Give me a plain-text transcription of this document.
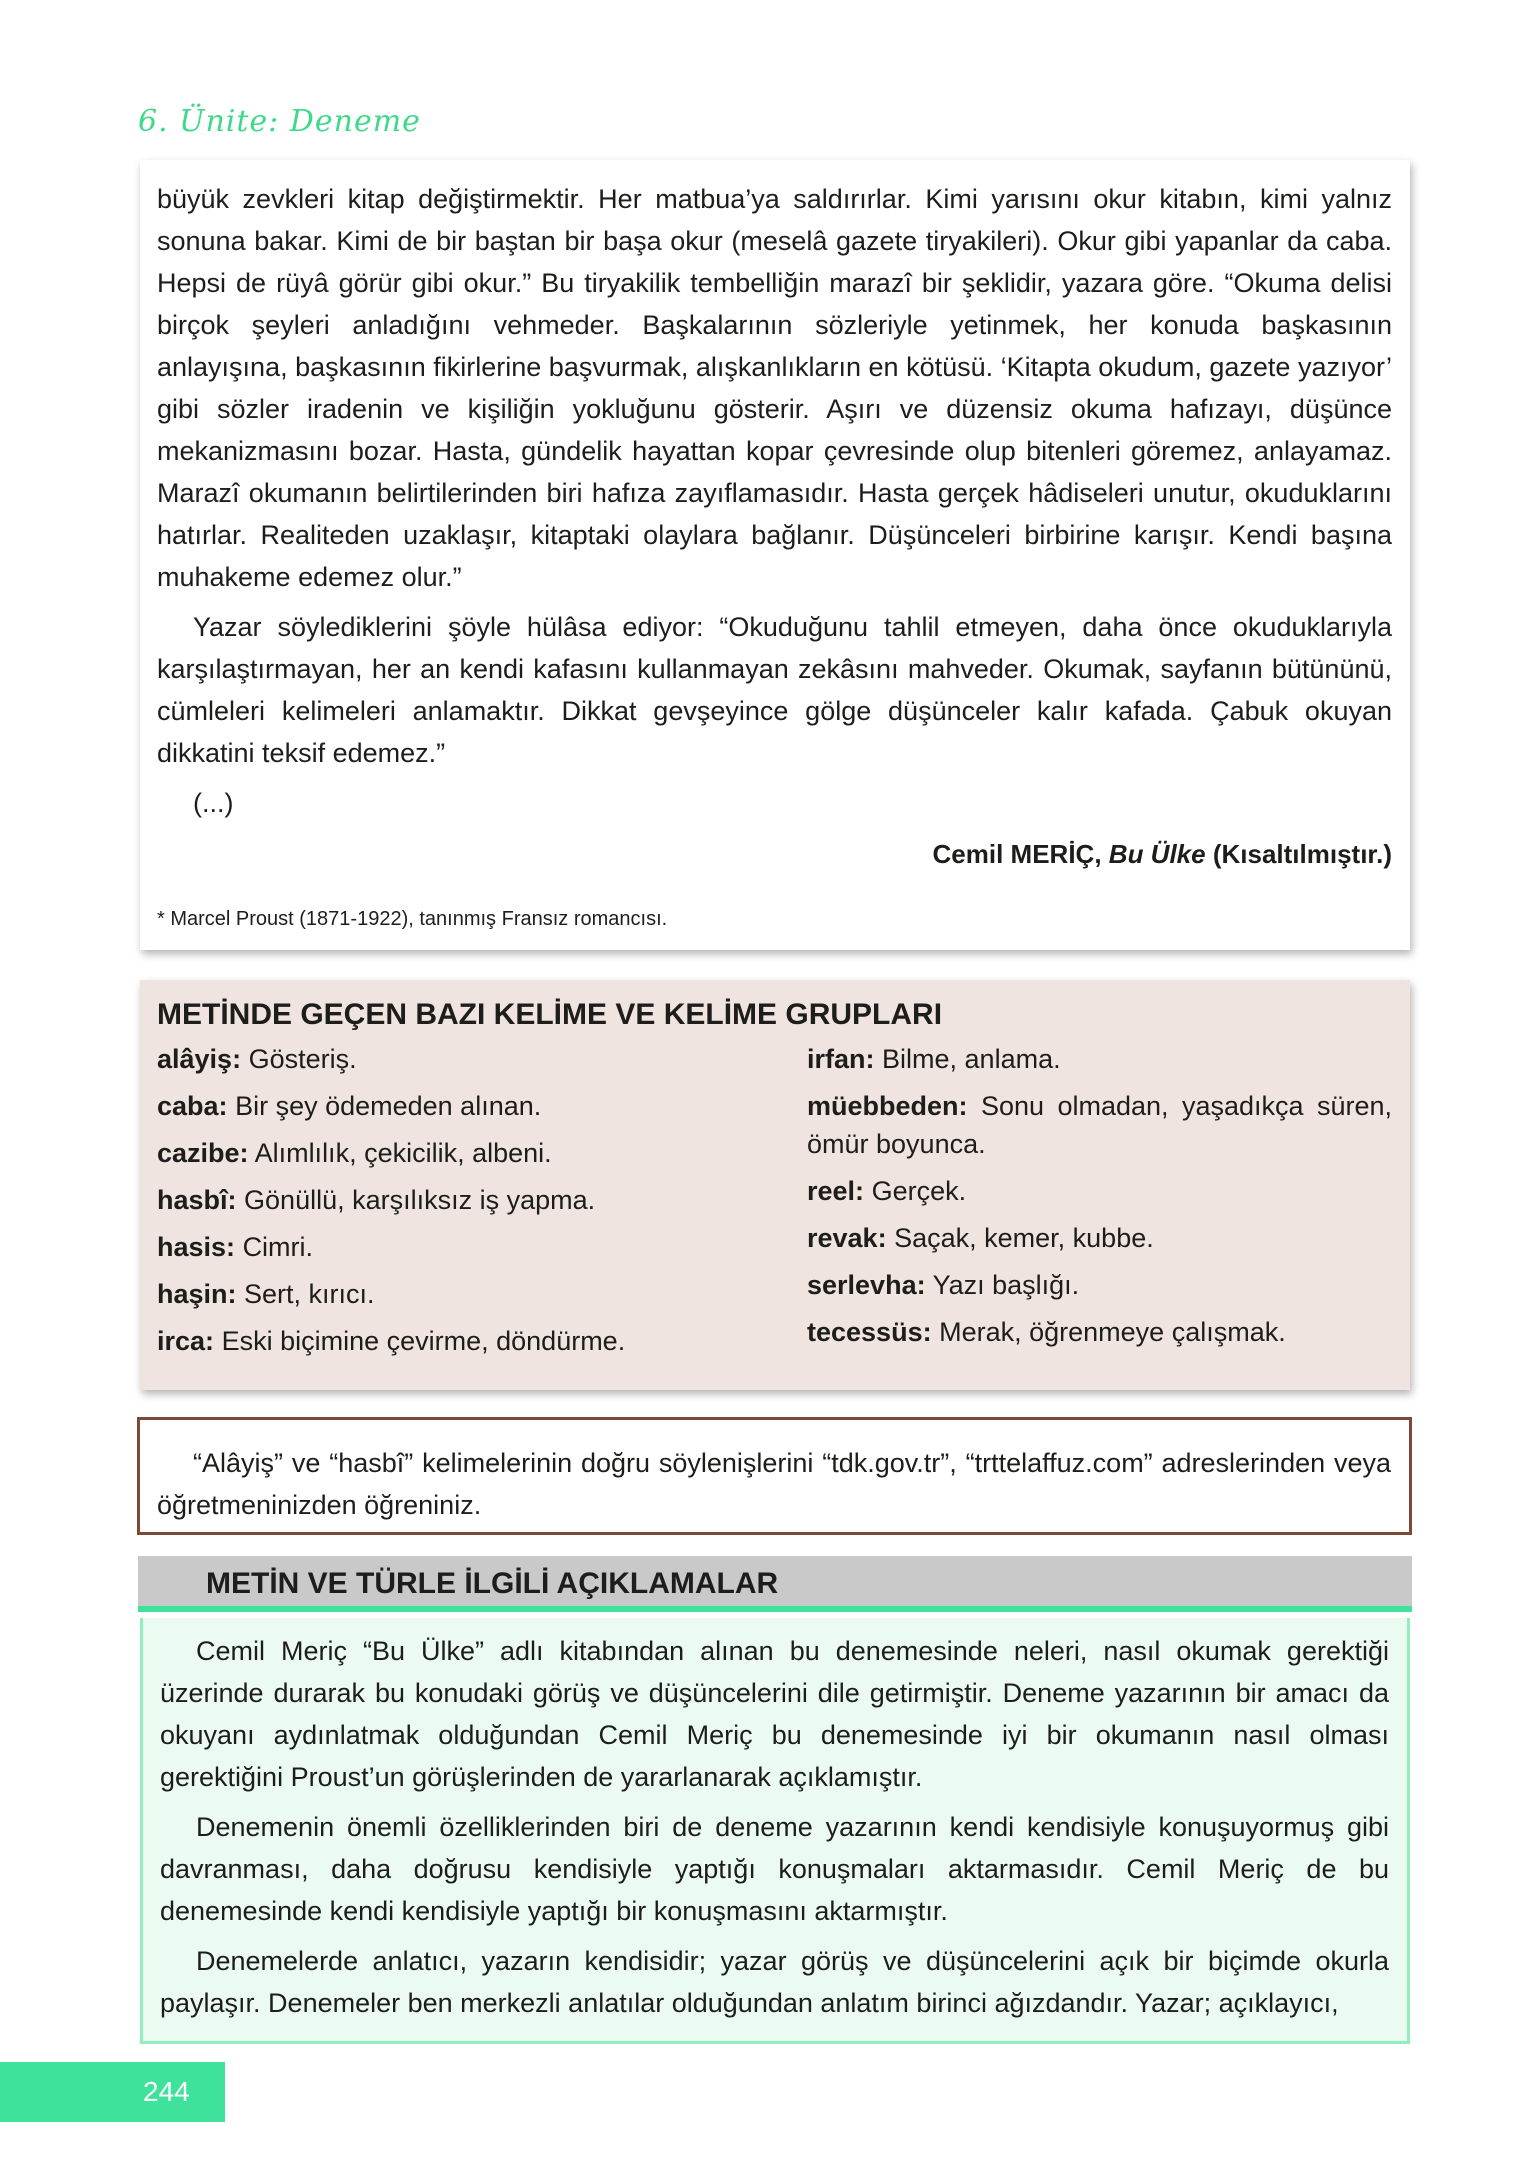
6. Ünite: Deneme

büyük zevkleri kitap değiştirmektir. Her matbua’ya saldırırlar. Kimi yarısını okur kitabın, kimi yalnız sonuna bakar. Kimi de bir baştan bir başa okur (meselâ gazete tiryakileri). Okur gibi yapanlar da caba. Hepsi de rüyâ görür gibi okur.” Bu tiryakilik tembelliğin marazî bir şeklidir, yazara göre. “Okuma delisi birçok şeyleri anladığını vehmeder. Başkalarının sözleriyle yetinmek, her konuda başkasının anlayışına, başkasının fikirlerine başvurmak, alışkanlıkların en kötüsü. ‘Kitapta okudum, gazete yazıyor’ gibi sözler iradenin ve kişiliğin yokluğunu gösterir. Aşırı ve düzensiz okuma hafızayı, düşünce mekanizmasını bozar. Hasta, gündelik hayattan kopar çevresinde olup bitenleri göremez, anlayamaz. Marazî okumanın belirtilerinden biri hafıza zayıflamasıdır. Hasta gerçek hâdiseleri unutur, okuduklarını hatırlar. Realiteden uzaklaşır, kitaptaki olaylara bağlanır. Düşünceleri birbirine karışır. Kendi başına muhakeme edemez olur.”

Yazar söylediklerini şöyle hülâsa ediyor: “Okuduğunu tahlil etmeyen, daha önce okuduklarıyla karşılaştırmayan, her an kendi kafasını kullanmayan zekâsını mahveder. Okumak, sayfanın bütününü, cümleleri kelimeleri anlamaktır. Dikkat gevşeyince gölge düşünceler kalır kafada. Çabuk okuyan dikkatini teksif edemez.”

(...)
Cemil MERİÇ, Bu Ülke (Kısaltılmıştır.)
* Marcel Proust (1871-1922), tanınmış Fransız romancısı.
METİNDE GEÇEN BAZI KELİME VE KELİME GRUPLARI
alâyiş: Gösteriş.
caba: Bir şey ödemeden alınan.
cazibe: Alımlılık, çekicilik, albeni.
hasbî: Gönüllü, karşılıksız iş yapma.
hasis: Cimri.
haşin: Sert, kırıcı.
irca: Eski biçimine çevirme, döndürme.
irfan: Bilme, anlama.
müebbeden: Sonu olmadan, yaşadıkça süren, ömür boyunca.
reel: Gerçek.
revak: Saçak, kemer, kubbe.
serlevha: Yazı başlığı.
tecessüs: Merak, öğrenmeye çalışmak.

“Alâyiş” ve “hasbî” kelimelerinin doğru söylenişlerini “tdk.gov.tr”, “trttelaffuz.com” adreslerinden veya öğretmeninizden öğreniniz.

METİN VE TÜRLE İLGİLİ AÇIKLAMALAR

Cemil Meriç “Bu Ülke” adlı kitabından alınan bu denemesinde neleri, nasıl okumak gerektiği üzerinde durarak bu konudaki görüş ve düşüncelerini dile getirmiştir. Deneme yazarının bir amacı da okuyanı aydınlatmak olduğundan Cemil Meriç bu denemesinde iyi bir okumanın nasıl olması gerektiğini Proust’un görüşlerinden de yararlanarak açıklamıştır.

Denemenin önemli özelliklerinden biri de deneme yazarının kendi kendisiyle konuşuyormuş gibi davranması, daha doğrusu kendisiyle yaptığı konuşmaları aktarmasıdır. Cemil Meriç de bu denemesinde kendi kendisiyle yaptığı bir konuşmasını aktarmıştır.

Denemelerde anlatıcı, yazarın kendisidir; yazar görüş ve düşüncelerini açık bir biçimde okurla paylaşır. Denemeler ben merkezli anlatılar olduğundan anlatım birinci ağızdandır. Yazar; açıklayıcı,

244
